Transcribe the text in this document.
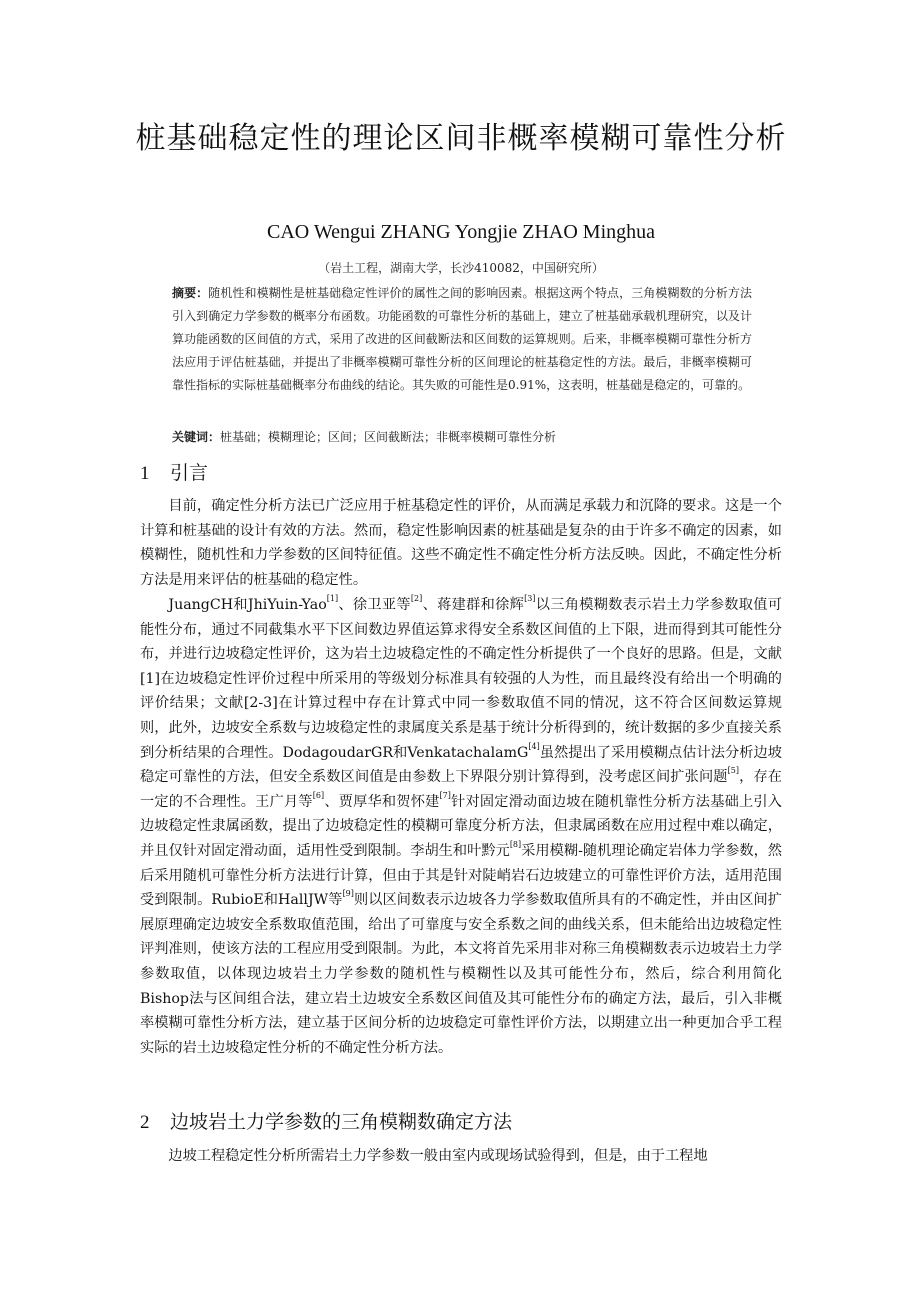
桩基础稳定性的理论区间非概率模糊可靠性分析
CAO Wengui ZHANG Yongjie ZHAO Minghua
（岩土工程，湖南大学，长沙410082，中国研究所）
摘要：随机性和模糊性是桩基础稳定性评价的属性之间的影响因素。根据这两个特点，三角模糊数的分析方法引入到确定力学参数的概率分布函数。功能函数的可靠性分析的基础上，建立了桩基础承载机理研究，以及计算功能函数的区间值的方式，采用了改进的区间截断法和区间数的运算规则。后来，非概率模糊可靠性分析方法应用于评估桩基础，并提出了非概率模糊可靠性分析的区间理论的桩基稳定性的方法。最后，非概率模糊可靠性指标的实际桩基础概率分布曲线的结论。其失败的可能性是0.91%，这表明，桩基础是稳定的，可靠的。
关键词：桩基础；模糊理论；区间；区间截断法；非概率模糊可靠性分析
1 引言

目前，确定性分析方法已广泛应用于桩基稳定性的评价，从而满足承载力和沉降的要求。这是一个计算和桩基础的设计有效的方法。然而，稳定性影响因素的桩基础是复杂的由于许多不确定的因素，如模糊性，随机性和力学参数的区间特征值。这些不确定性不确定性分析方法反映。因此，不确定性分析方法是用来评估的桩基础的稳定性。

JuangCH和JhiYuin-Yao[1]、徐卫亚等[2]、蒋建群和徐辉[3]以三角模糊数表示岩土力学参数取值可能性分布，通过不同截集水平下区间数边界值运算求得安全系数区间值的上下限，进而得到其可能性分布，并进行边坡稳定性评价，这为岩土边坡稳定性的不确定性分析提供了一个良好的思路。但是，文献[1]在边坡稳定性评价过程中所采用的等级划分标准具有较强的人为性，而且最终没有给出一个明确的评价结果；文献[2-3]在计算过程中存在计算式中同一参数取值不同的情况，这不符合区间数运算规则，此外，边坡安全系数与边坡稳定性的隶属度关系是基于统计分析得到的，统计数据的多少直接关系到分析结果的合理性。DodagoudarGR和VenkatachalamG[4]虽然提出了采用模糊点估计法分析边坡稳定可靠性的方法，但安全系数区间值是由参数上下界限分别计算得到，没考虑区间扩张问题[5]，存在一定的不合理性。王广月等[6]、贾厚华和贺怀建[7]针对固定滑动面边坡在随机靠性分析方法基础上引入边坡稳定性隶属函数，提出了边坡稳定性的模糊可靠度分析方法，但隶属函数在应用过程中难以确定，并且仅针对固定滑动面，适用性受到限制。李胡生和叶黔元[8]采用模糊-随机理论确定岩体力学参数，然后采用随机可靠性分析方法进行计算，但由于其是针对陡峭岩石边坡建立的可靠性评价方法，适用范围受到限制。RubioE和HallJW等[9]则以区间数表示边坡各力学参数取值所具有的不确定性，并由区间扩展原理确定边坡安全系数取值范围，给出了可靠度与安全系数之间的曲线关系，但未能给出边坡稳定性评判准则，使该方法的工程应用受到限制。为此，本文将首先采用非对称三角模糊数表示边坡岩土力学参数取值，以体现边坡岩土力学参数的随机性与模糊性以及其可能性分布，然后，综合利用简化Bishop法与区间组合法，建立岩土边坡安全系数区间值及其可能性分布的确定方法，最后，引入非概率模糊可靠性分析方法，建立基于区间分析的边坡稳定可靠性评价方法，以期建立出一种更加合乎工程实际的岩土边坡稳定性分析的不确定性分析方法。

2 边坡岩土力学参数的三角模糊数确定方法

边坡工程稳定性分析所需岩土力学参数一般由室内或现场试验得到，但是，由于工程地
